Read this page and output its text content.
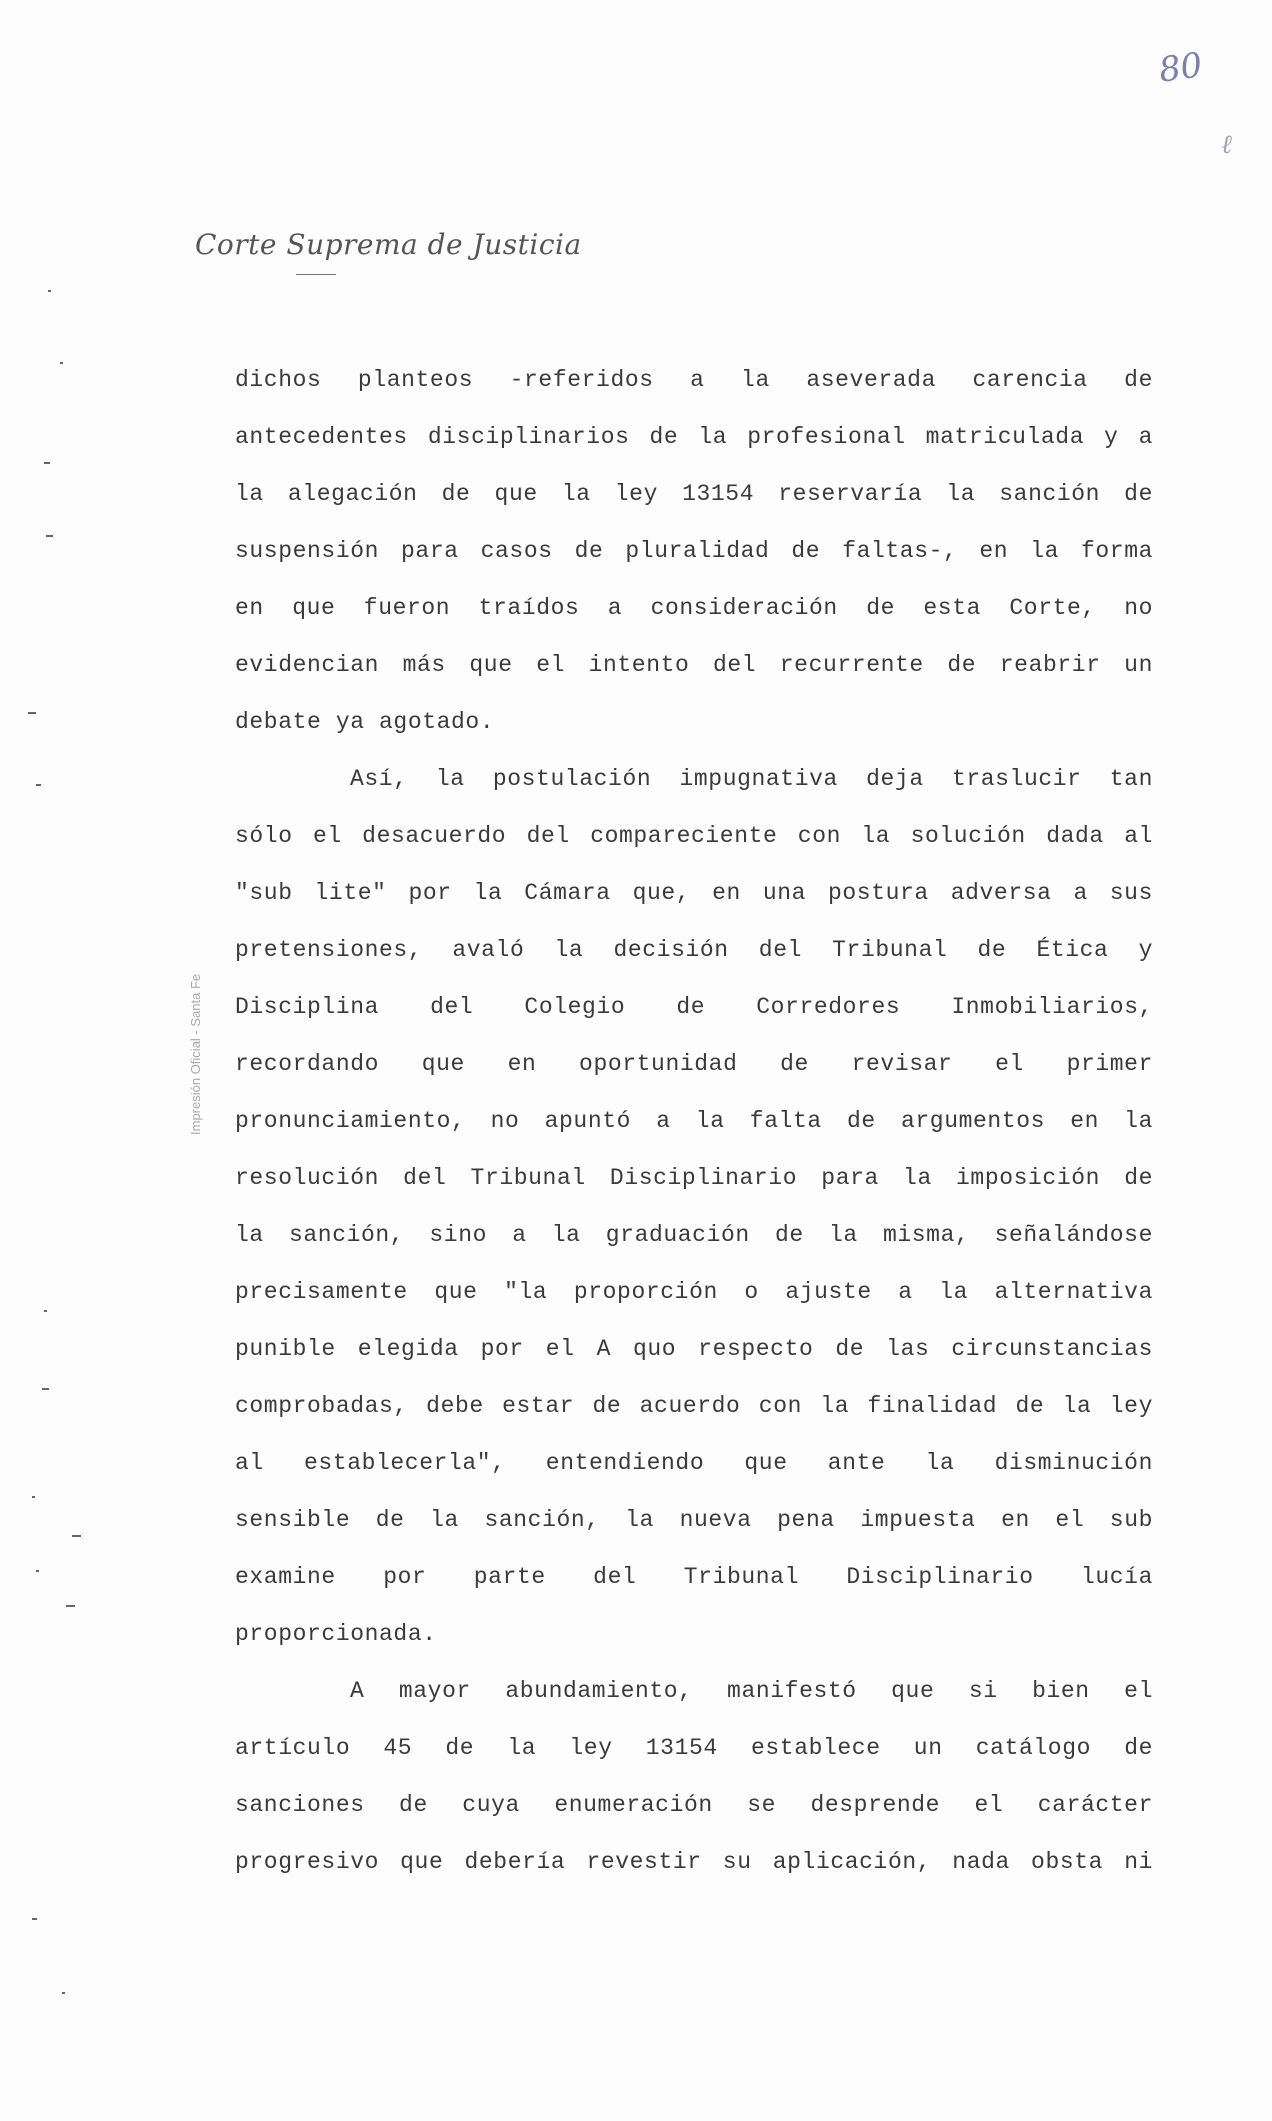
80
ℓ
Corte Suprema de Justicia
Impresión Oficial - Santa Fe
dichos planteos -referidos a la aseverada carencia de
antecedentes disciplinarios de la profesional matriculada y a
la alegación de que la ley 13154 reservaría la sanción de
suspensión para casos de pluralidad de faltas-, en la forma
en que fueron traídos a consideración de esta Corte, no
evidencian más que el intento del recurrente de reabrir un
debate ya agotado.
Así, la postulación impugnativa deja traslucir tan
sólo el desacuerdo del compareciente con la solución dada al
"sub lite" por la Cámara que, en una postura adversa a sus
pretensiones, avaló la decisión del Tribunal de Ética y
Disciplina del Colegio de Corredores Inmobiliarios,
recordando que en oportunidad de revisar el primer
pronunciamiento, no apuntó a la falta de argumentos en la
resolución del Tribunal Disciplinario para la imposición de
la sanción, sino a la graduación de la misma, señalándose
precisamente que "la proporción o ajuste a la alternativa
punible elegida por el A quo respecto de las circunstancias
comprobadas, debe estar de acuerdo con la finalidad de la ley
al establecerla", entendiendo que ante la disminución
sensible de la sanción, la nueva pena impuesta en el sub
examine por parte del Tribunal Disciplinario lucía
proporcionada.
A mayor abundamiento, manifestó que si bien el
artículo 45 de la ley 13154 establece un catálogo de
sanciones de cuya enumeración se desprende el carácter
progresivo que debería revestir su aplicación, nada obsta ni
